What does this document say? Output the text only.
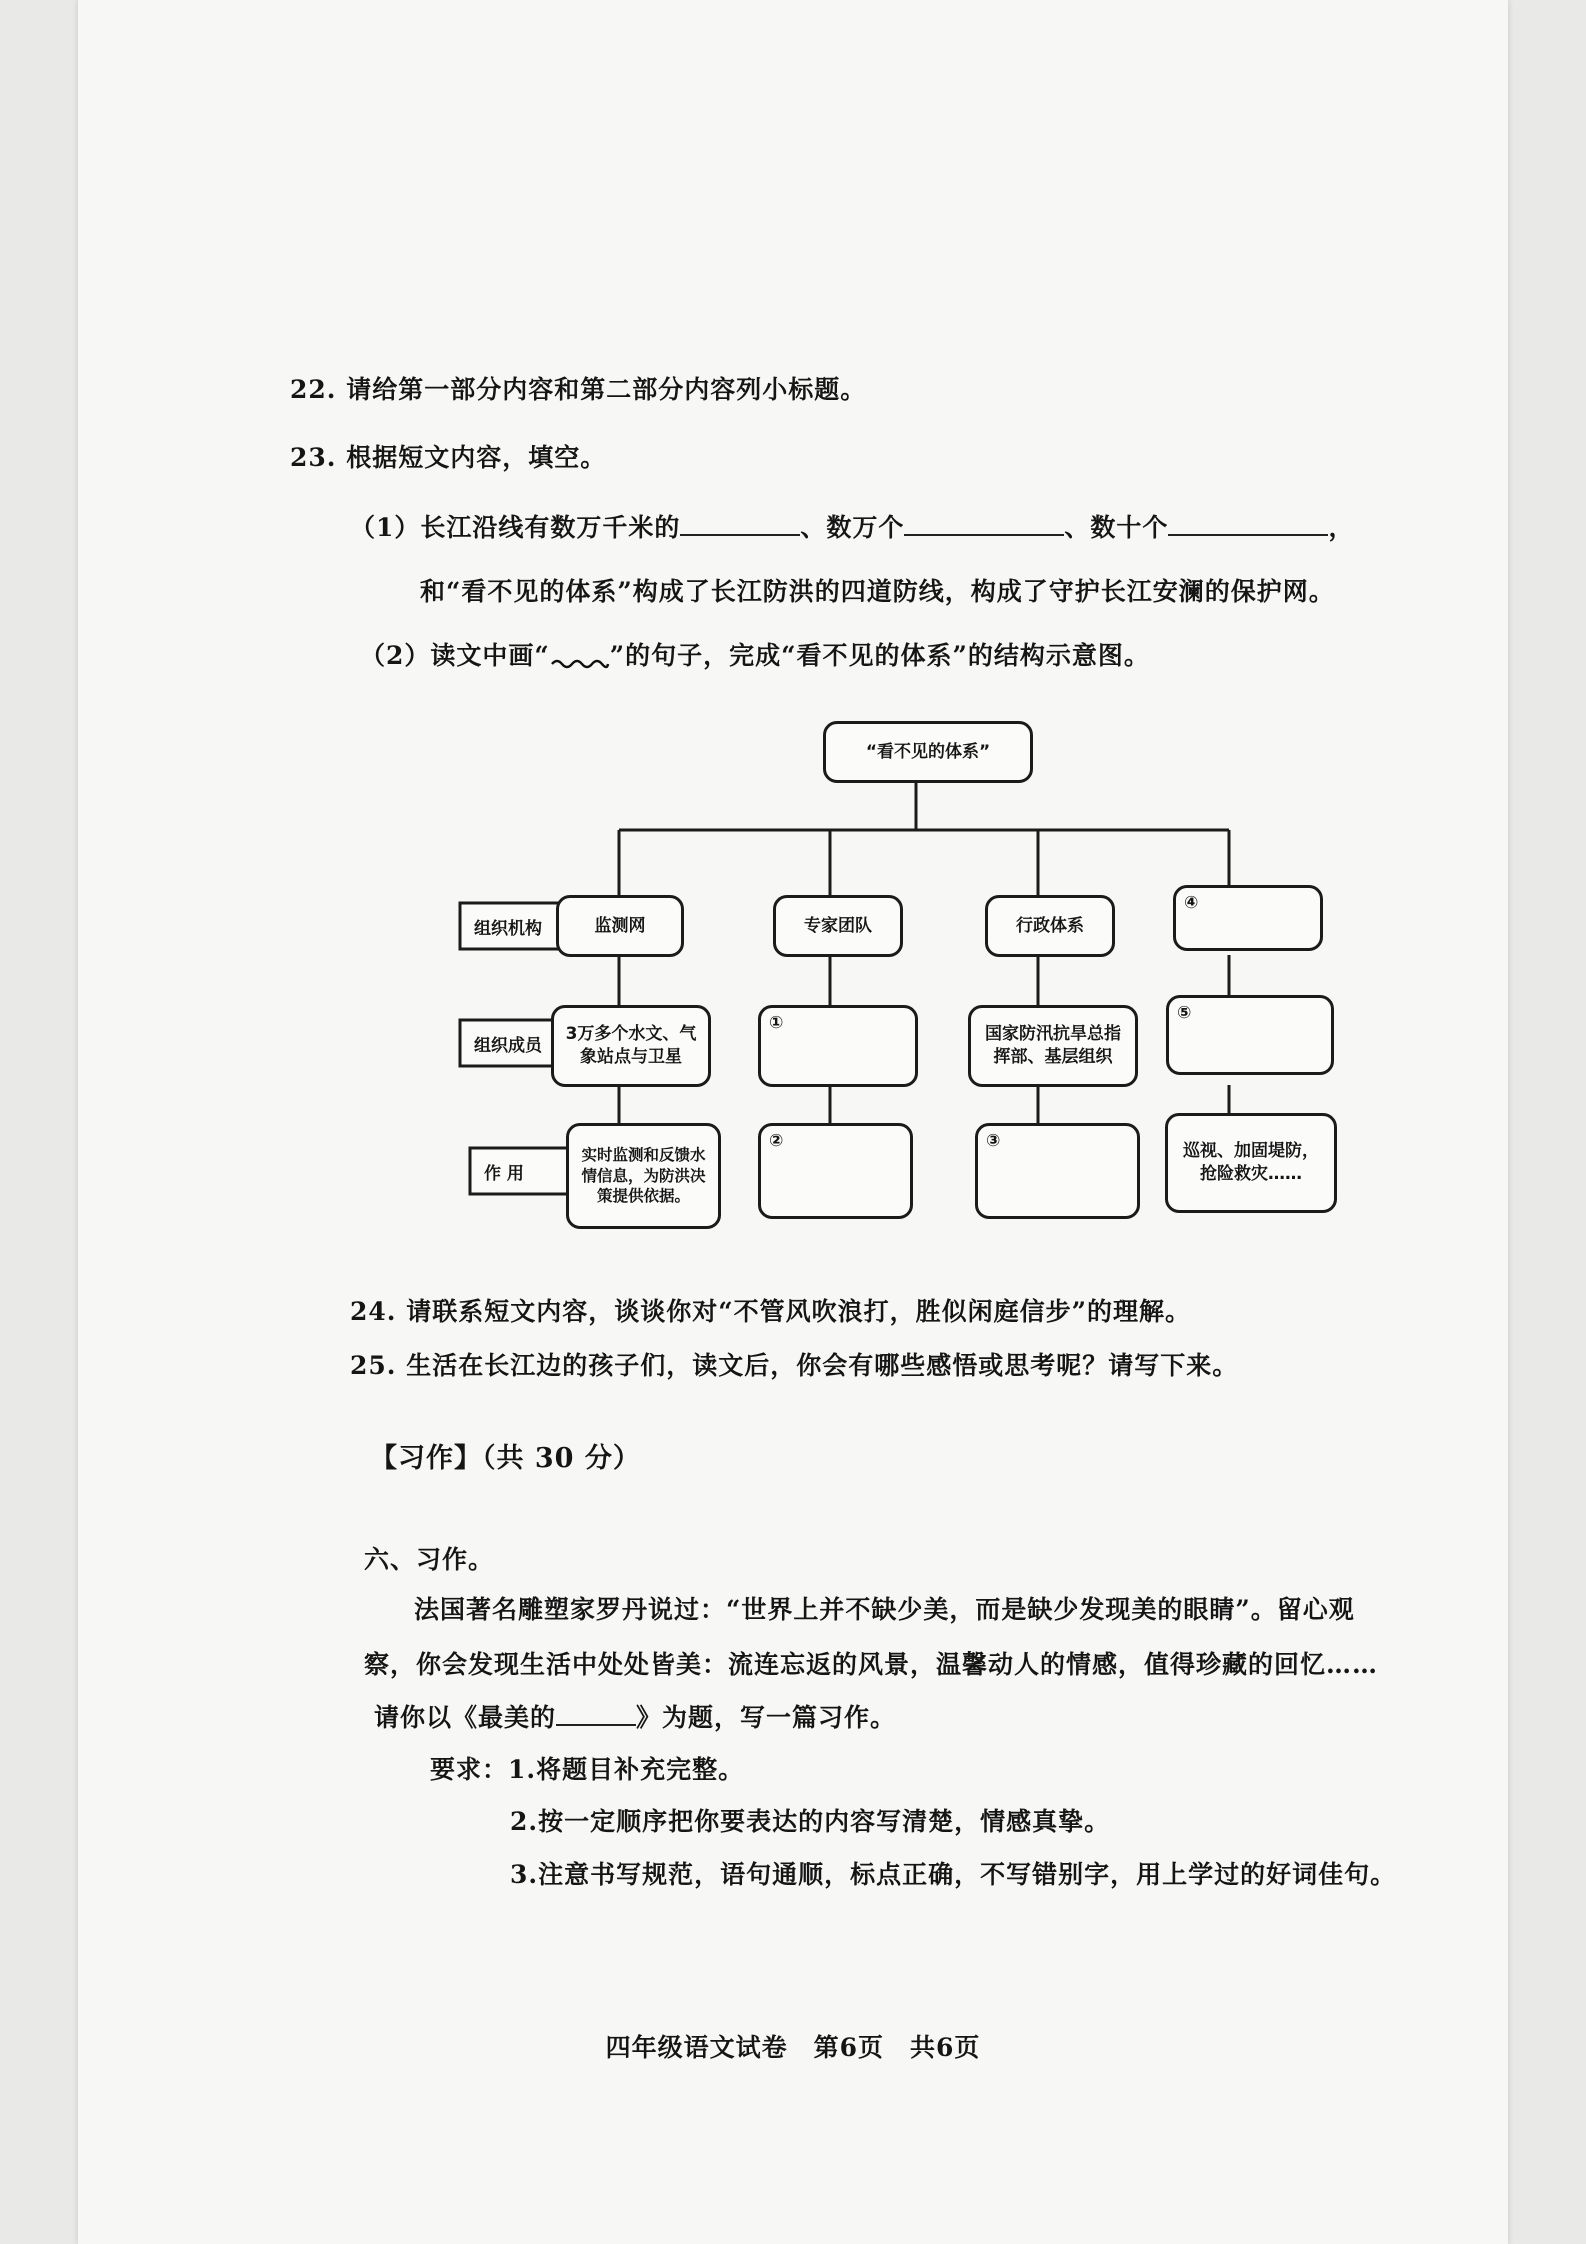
22. 请给第一部分内容和第二部分内容列小标题。
23. 根据短文内容，填空。
（1）长江沿线有数万千米的	、数万个	、数十个	，
和“看不见的体系”构成了长江防洪的四道防线，构成了守护长江安澜的保护网。
（2）读文中画“ ”的句子，完成“看不见的体系”的结构示意图。
“看不见的体系”
组织机构
组织成员
作 用
监测网
3万多个水文、气象站点与卫星
实时监测和反馈水情信息，为防洪决策提供依据。
专家团队
①
②
行政体系
国家防汛抗旱总指挥部、基层组织
③
④
⑤
巡视、加固堤防，抢险救灾……
24. 请联系短文内容，谈谈你对“不管风吹浪打，胜似闲庭信步”的理解。
25. 生活在长江边的孩子们，读文后，你会有哪些感悟或思考呢？请写下来。
【习作】（共 30 分）
六、习作。
法国著名雕塑家罗丹说过：“世界上并不缺少美，而是缺少发现美的眼睛”。留心观
察，你会发现生活中处处皆美：流连忘返的风景，温馨动人的情感，值得珍藏的回忆……
请你以《最美的	》为题，写一篇习作。
要求：1.将题目补充完整。
2.按一定顺序把你要表达的内容写清楚，情感真挚。
3.注意书写规范，语句通顺，标点正确，不写错别字，用上学过的好词佳句。
四年级语文试卷　第6页　共6页
